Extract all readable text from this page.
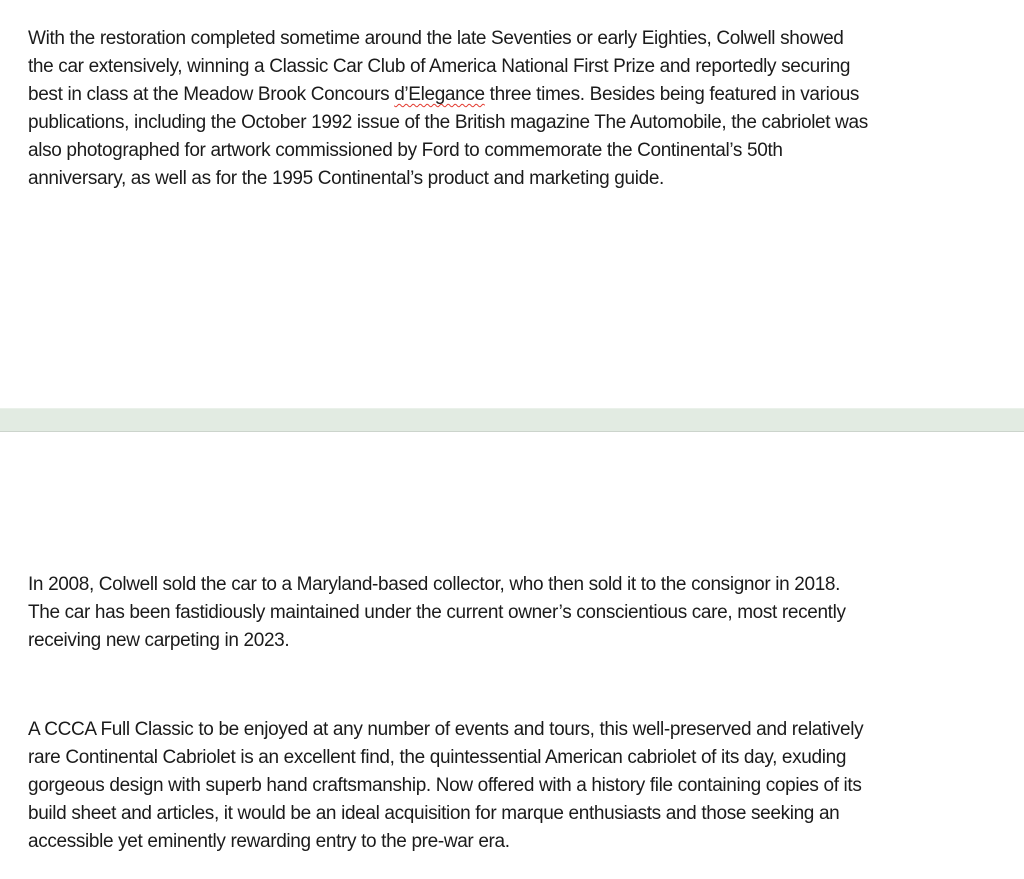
With the restoration completed sometime around the late Seventies or early Eighties, Colwell showed
the car extensively, winning a Classic Car Club of America National First Prize and reportedly securing
best in class at the Meadow Brook Concours d’Elegance three times. Besides being featured in various
publications, including the October 1992 issue of the British magazine The Automobile, the cabriolet was
also photographed for artwork commissioned by Ford to commemorate the Continental’s 50th
anniversary, as well as for the 1995 Continental’s product and marketing guide.
In 2008, Colwell sold the car to a Maryland-based collector, who then sold it to the consignor in 2018.
The car has been fastidiously maintained under the current owner’s conscientious care, most recently
receiving new carpeting in 2023.
A CCCA Full Classic to be enjoyed at any number of events and tours, this well-preserved and relatively
rare Continental Cabriolet is an excellent find, the quintessential American cabriolet of its day, exuding
gorgeous design with superb hand craftsmanship. Now offered with a history file containing copies of its
build sheet and articles, it would be an ideal acquisition for marque enthusiasts and those seeking an
accessible yet eminently rewarding entry to the pre-war era.
